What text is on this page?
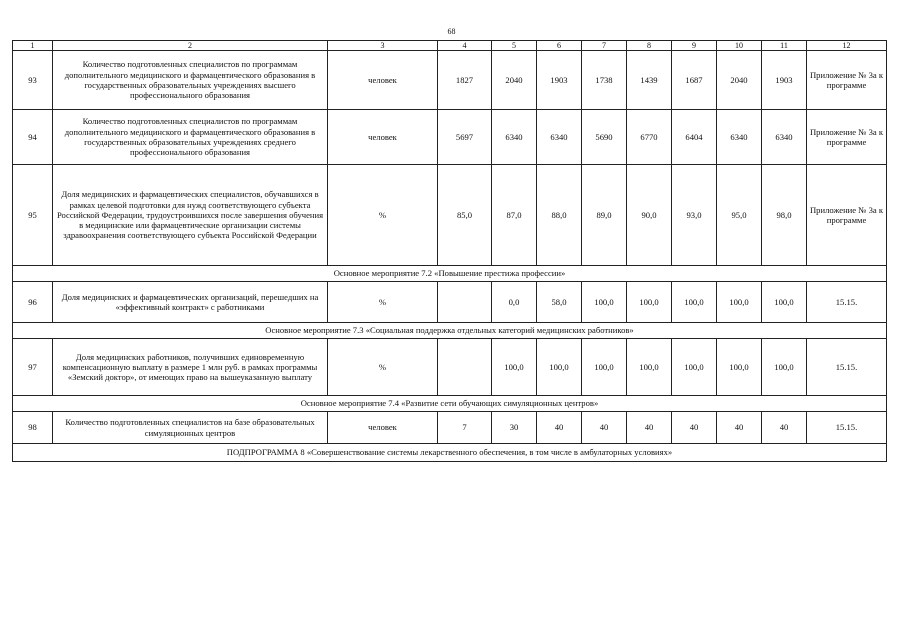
68
1	2	3	4	5	6	7	8	9	10	11	12
93	Количество подготовленных специалистов по программам дополнительного медицинского и фармацевтического образования в государственных образовательных учреждениях высшего профессионального образования	человек	1827	2040	1903	1738	1439	1687	2040	1903	Приложение № 3а к программе
94	Количество подготовленных специалистов по программам дополнительного медицинского и фармацевтического образования в государственных образовательных учреждениях среднего профессионального образования	человек	5697	6340	6340	5690	6770	6404	6340	6340	Приложение № 3а к программе
95	Доля медицинских и фармацевтических специалистов, обучавшихся в рамках целевой подготовки для нужд соответствующего субъекта Российской Федерации, трудоустроившихся после завершения обучения в медицинские или фармацевтические организации системы здравоохранения соответствующего субъекта Российской Федерации	%	85,0	87,0	88,0	89,0	90,0	93,0	95,0	98,0	Приложение № 3а к программе
Основное мероприятие 7.2 «Повышение престижа профессии»											
96	Доля медицинских и фармацевтических организаций, перешедших на «эффективный контракт» с работниками	%		0,0	58,0	100,0	100,0	100,0	100,0	100,0	15.15.
Основное мероприятие 7.3 «Социальная поддержка отдельных категорий медицинских работников»											
97	Доля медицинских работников, получивших единовременную компенсационную выплату в размере 1 млн руб. в рамках программы «Земский доктор», от имеющих право на вышеуказанную выплату	%		100,0	100,0	100,0	100,0	100,0	100,0	100,0	15.15.
Основное мероприятие 7.4 «Развитие сети обучающих симуляционных центров»											
98	Количество подготовленных специалистов на базе образовательных симуляционных центров	человек	7	30	40	40	40	40	40	40	15.15.
ПОДПРОГРАММА 8 «Совершенствование системы лекарственного обеспечения, в том числе в амбулаторных условиях»											
